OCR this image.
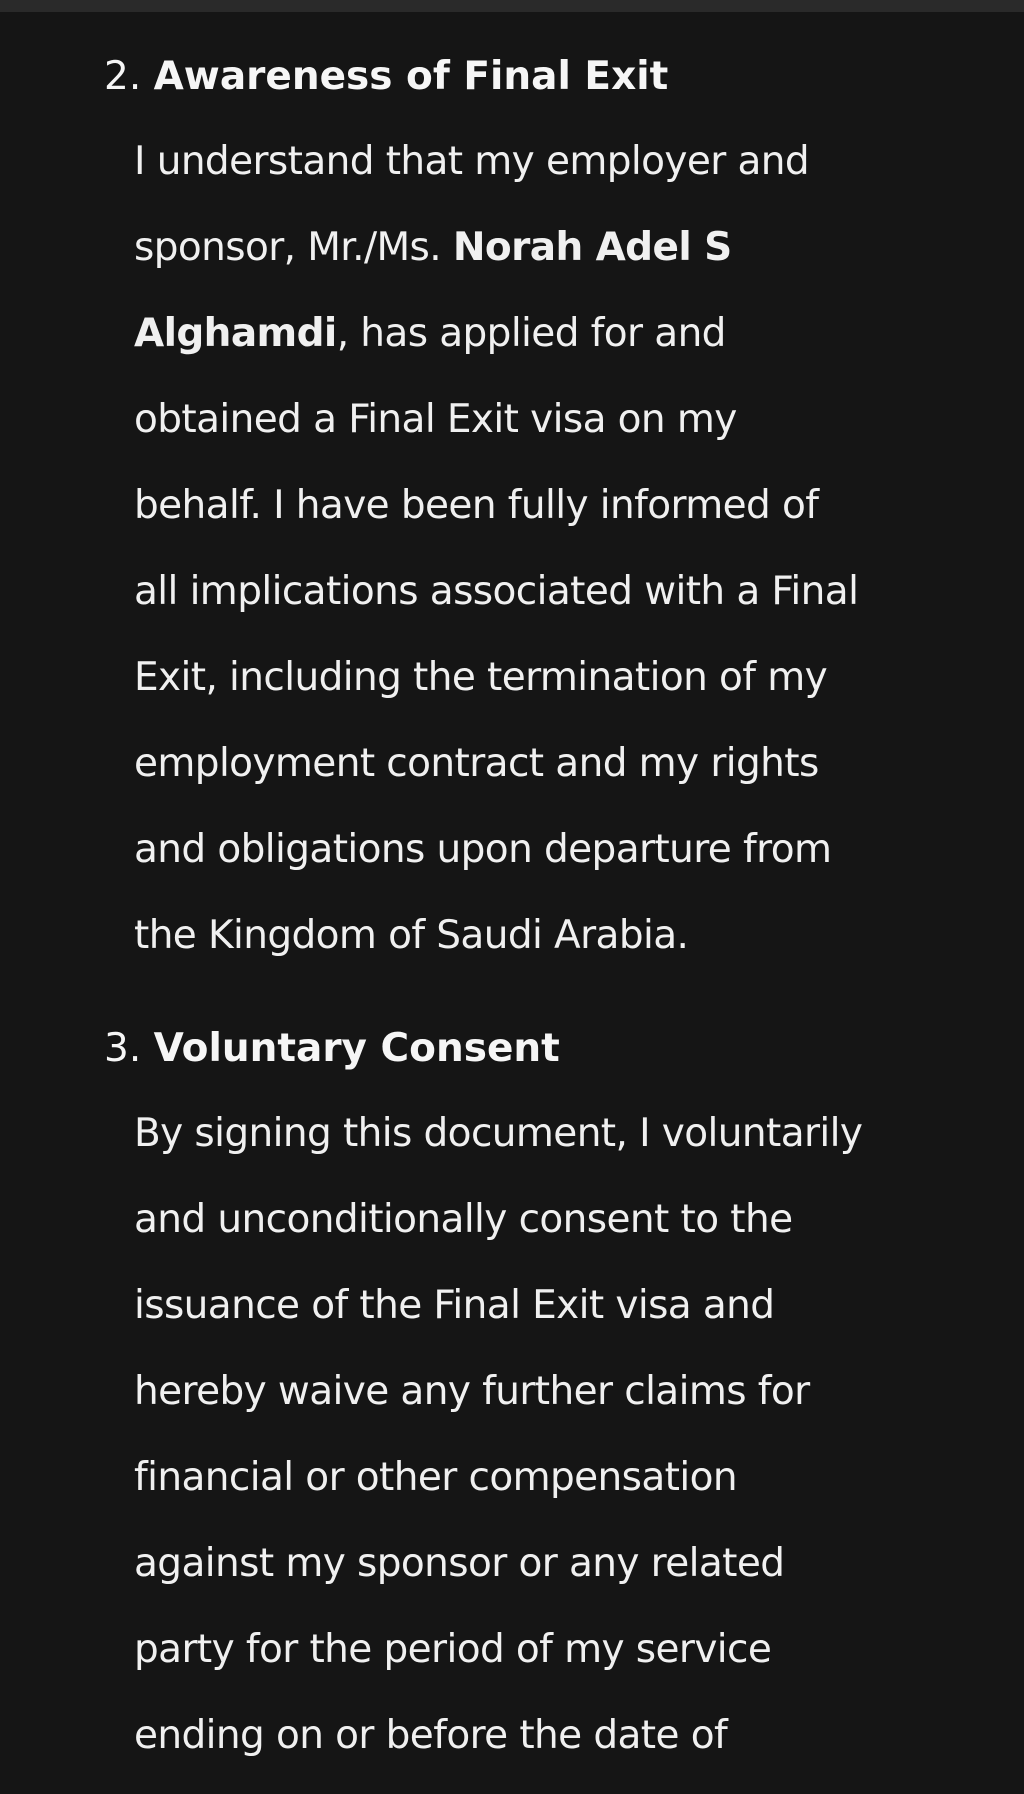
2. Awareness of Final Exit

I understand that my employer and
sponsor, Mr./Ms. Norah Adel S
Alghamdi, has applied for and
obtained a Final Exit visa on my
behalf. I have been fully informed of
all implications associated with a Final
Exit, including the termination of my
employment contract and my rights
and obligations upon departure from
the Kingdom of Saudi Arabia.

3. Voluntary Consent

By signing this document, I voluntarily
and unconditionally consent to the
issuance of the Final Exit visa and
hereby waive any further claims for
financial or other compensation
against my sponsor or any related
party for the period of my service
ending on or before the date of
